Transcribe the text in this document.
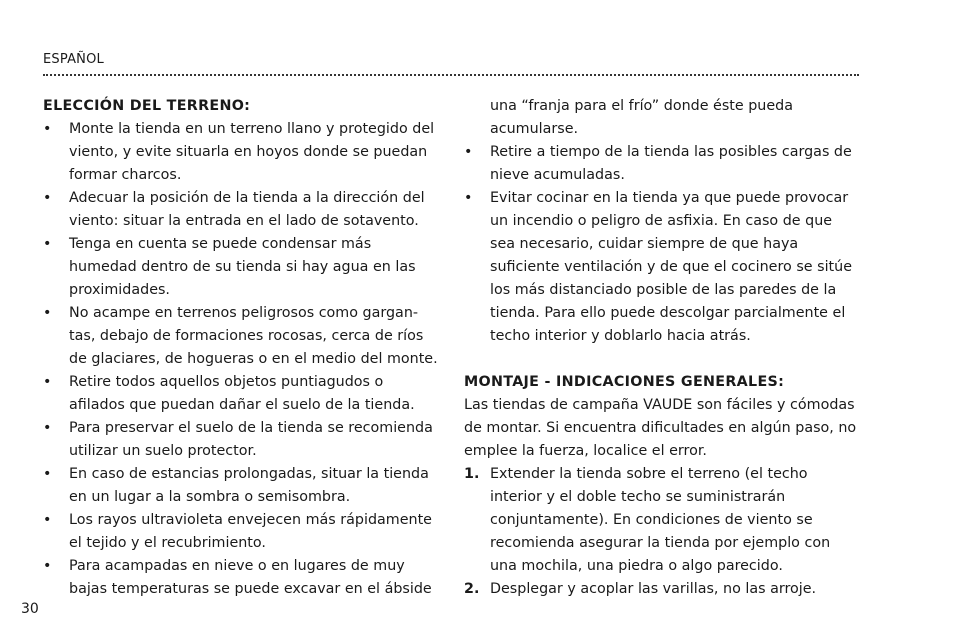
ESPAÑOL
ELECCIÓN DEL TERRENO:
• Monte la tienda en un terreno llano y protegido del viento, y evite situarla en hoyos donde se puedan formar charcos.
• Adecuar la posición de la tienda a la dirección del viento: situar la entrada en el lado de sotavento.
• Tenga en cuenta se puede condensar más humedad dentro de su tienda si hay agua en las proximidades.
• No acampe en terrenos peligrosos como gargan-tas, debajo de formaciones rocosas, cerca de ríos de glaciares, de hogueras o en el medio del monte.
• Retire todos aquellos objetos puntiagudos o afilados que puedan dañar el suelo de la tienda.
• Para preservar el suelo de la tienda se recomienda utilizar un suelo protector.
• En caso de estancias prolongadas, situar la tienda en un lugar a la sombra o semisombra.
• Los rayos ultravioleta envejecen más rápidamente el tejido y el recubrimiento.
• Para acampadas en nieve o en lugares de muy bajas temperaturas se puede excavar en el ábside

una “franja para el frío” donde éste pueda acumularse.

• Retire a tiempo de la tienda las posibles cargas de nieve acumuladas.
• Evitar cocinar en la tienda ya que puede provocar un incendio o peligro de asfixia. En caso de que sea necesario, cuidar siempre de que haya suficiente ventilación y de que el cocinero se sitúe los más distanciado posible de las paredes de la tienda. Para ello puede descolgar parcialmente el techo interior y doblarlo hacia atrás.
MONTAJE - INDICACIONES GENERALES:

Las tiendas de campaña VAUDE son fáciles y cómodas de montar. Si encuentra dificultades en algún paso, no emplee la fuerza, localice el error.

1. Extender la tienda sobre el terreno (el techo interior y el doble techo se suministrarán conjuntamente). En condiciones de viento se recomienda asegurar la tienda por ejemplo con una mochila, una piedra o algo parecido.
2. Desplegar y acoplar las varillas, no las arroje.
30
